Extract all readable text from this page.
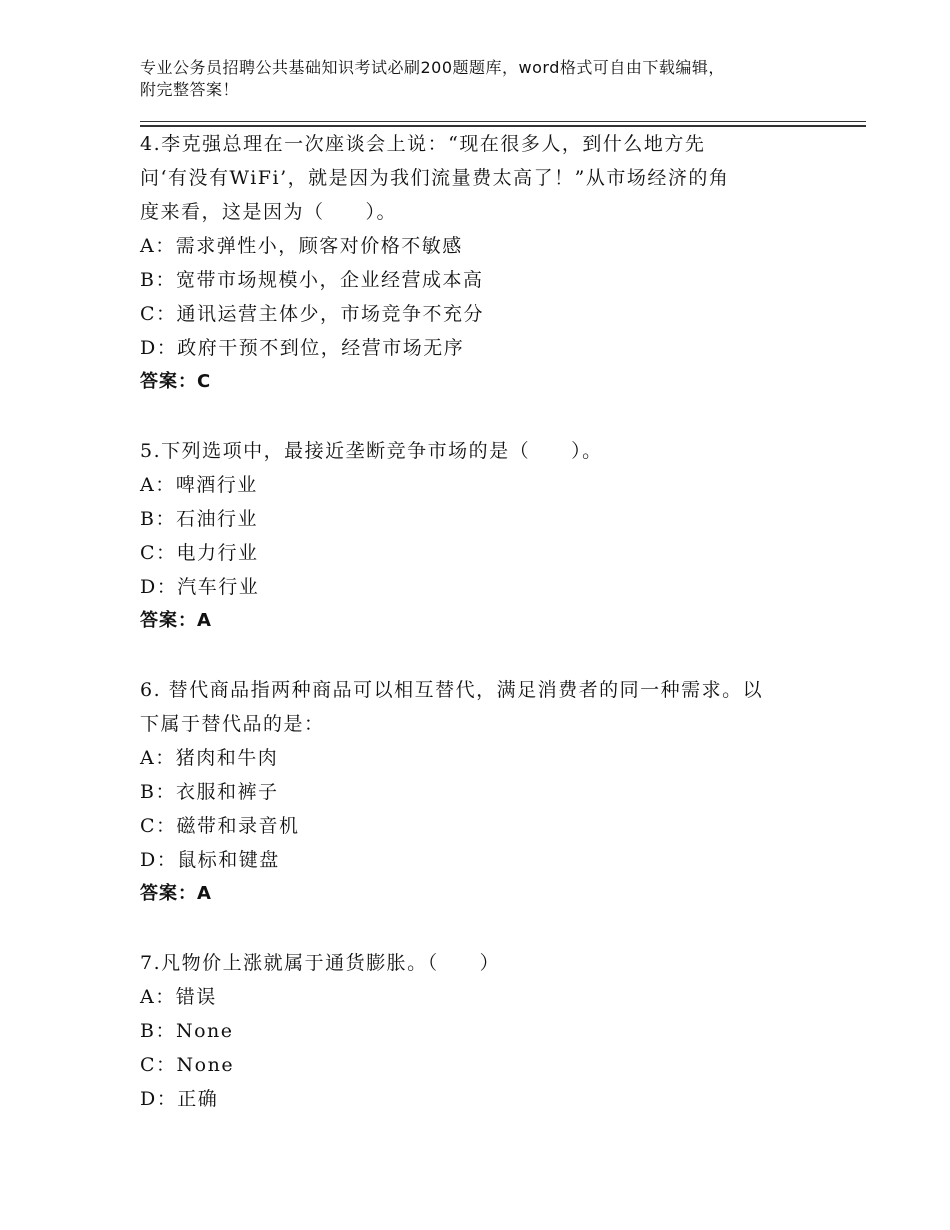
专业公务员招聘公共基础知识考试必刷200题题库，word格式可自由下载编辑，
附完整答案！

4.李克强总理在一次座谈会上说：“现在很多人，到什么地方先
问‘有没有WiFi’，就是因为我们流量费太高了！”从市场经济的角
度来看，这是因为（　　）。

A：需求弹性小，顾客对价格不敏感
B：宽带市场规模小，企业经营成本高
C：通讯运营主体少，市场竞争不充分
D：政府干预不到位，经营市场无序
答案：C

5.下列选项中，最接近垄断竞争市场的是（　　）。

A：啤酒行业
B：石油行业
C：电力行业
D：汽车行业
答案：A

6. 替代商品指两种商品可以相互替代，满足消费者的同一种需求。以
下属于替代品的是：

A：猪肉和牛肉
B：衣服和裤子
C：磁带和录音机
D：鼠标和键盘
答案：A

7.凡物价上涨就属于通货膨胀。（　　）

A：错误
B：None
C：None
D：正确
